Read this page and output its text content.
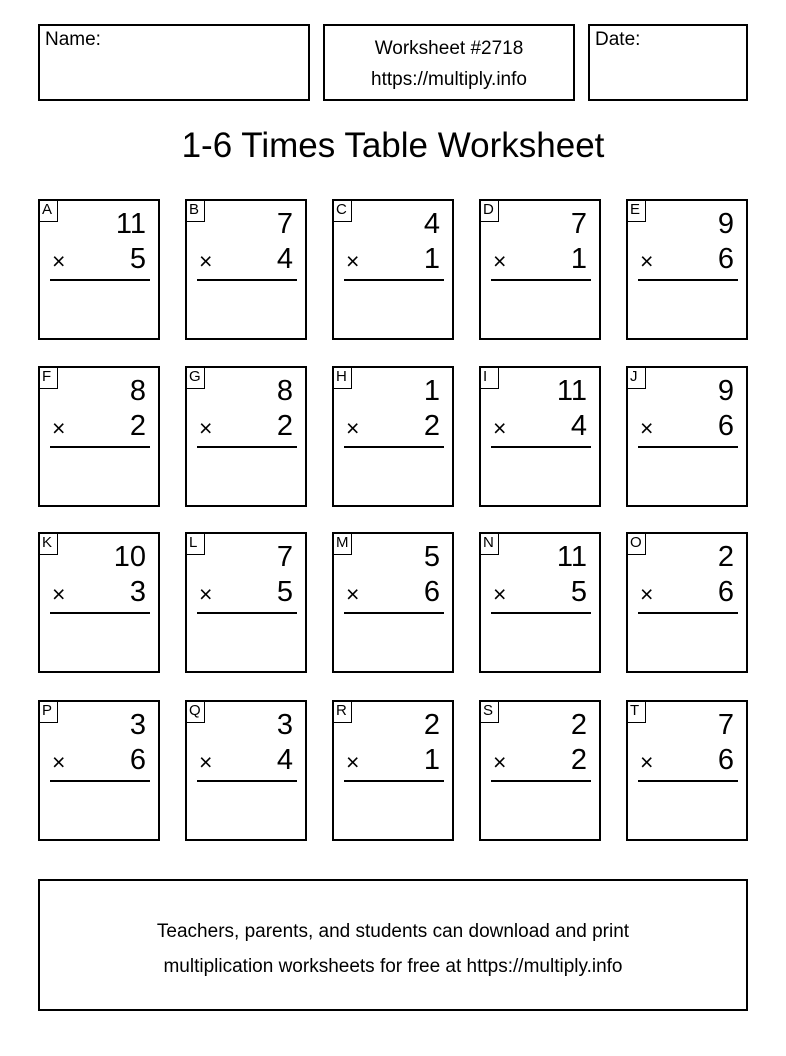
Name:	Worksheet #2718
https://multiply.info
Date:
1-6 Times Table Worksheet
A 11
× 5
B	7
× 4
C	4
× 1
D	7
× 1
E	9
× 6
F	8
× 2
G	8
× 2
H	1
× 2
I	11
× 4
J	9
× 6
K 10
× 3
L	7
× 5
M	5
× 6
N 11
× 5
O	2
× 6
P	3
× 6
Q	3
× 4
R	2
× 1
S	2
× 2
T	7
× 6
Teachers, parents, and students can download and print
multiplication worksheets for free at https://multiply.info
